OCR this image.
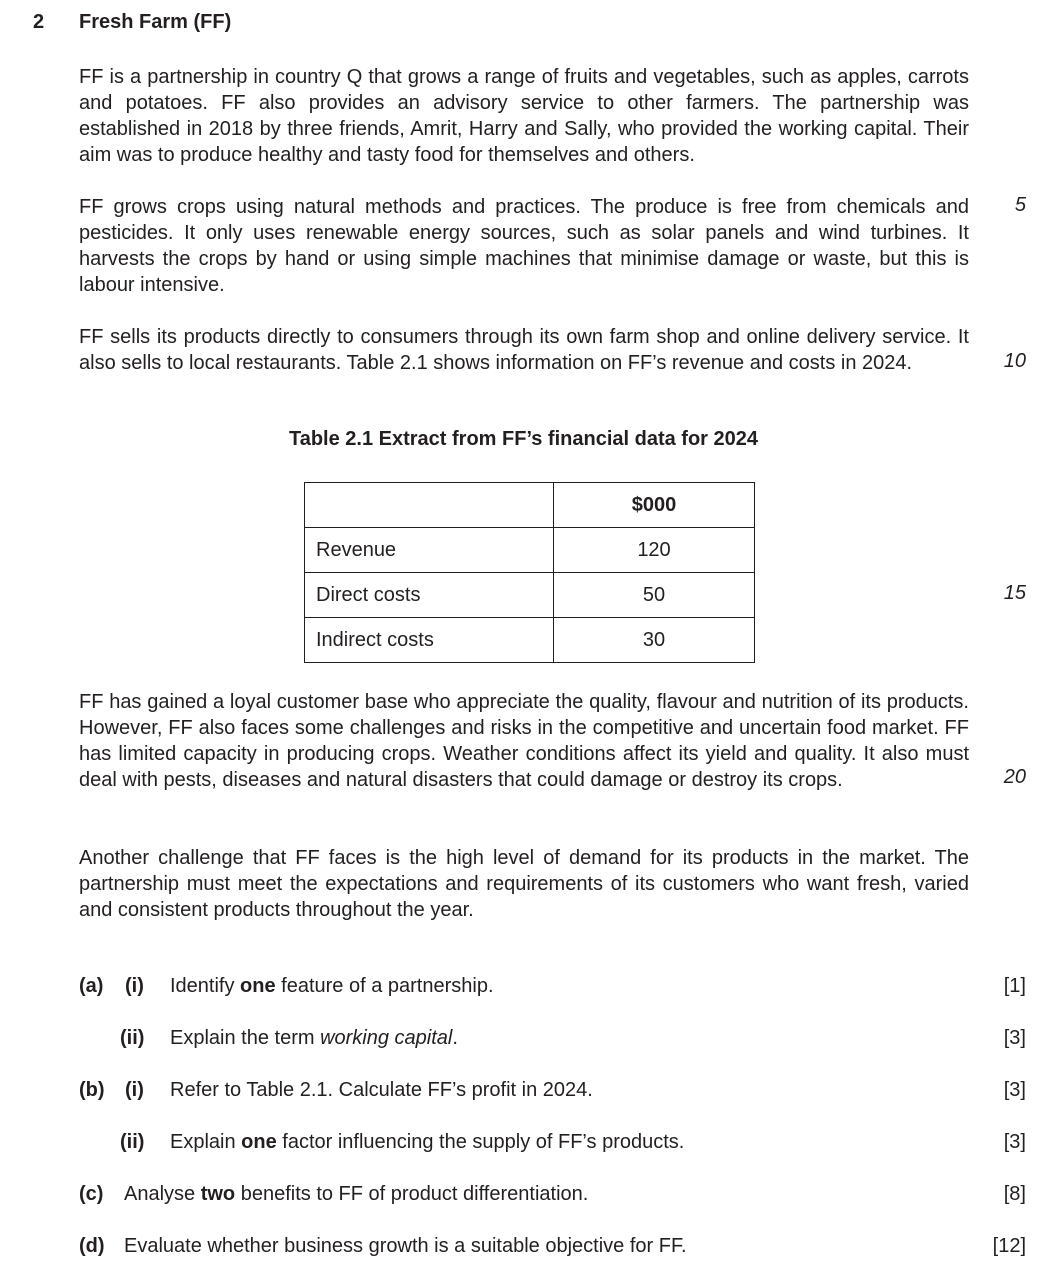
2 Fresh Farm (FF)

FF is a partnership in country Q that grows a range of fruits and vegetables, such as apples, carrots and potatoes. FF also provides an advisory service to other farmers. The partnership was established in 2018 by three friends, Amrit, Harry and Sally, who provided the working capital. Their aim was to produce healthy and tasty food for themselves and others.

FF grows crops using natural methods and practices. The produce is free from chemicals and pesticides. It only uses renewable energy sources, such as solar panels and wind turbines. It harvests the crops by hand or using simple machines that minimise damage or waste, but this is labour intensive.

FF sells its products directly to consumers through its own farm shop and online delivery service. It also sells to local restaurants. Table 2.1 shows information on FF’s revenue and costs in 2024.

5
10
15
20
Table 2.1 Extract from FF’s financial data for 2024
	$000
Revenue	120
Direct costs	50
Indirect costs	30

FF has gained a loyal customer base who appreciate the quality, flavour and nutrition of its products. However, FF also faces some challenges and risks in the competitive and uncertain food market. FF has limited capacity in producing crops. Weather conditions affect its yield and quality. It also must deal with pests, diseases and natural disasters that could damage or destroy its crops.

Another challenge that FF faces is the high level of demand for its products in the market. The partnership must meet the expectations and requirements of its customers who want fresh, varied and consistent products throughout the year.

(a) (i) Identify one feature of a partnership.	[1]
(ii) Explain the term working capital.	[3]
(b) (i) Refer to Table 2.1. Calculate FF’s profit in 2024.	[3]
(ii) Explain one factor influencing the supply of FF’s products.	[3]
(c) Analyse two benefits to FF of product differentiation.	[8]
(d) Evaluate whether business growth is a suitable objective for FF.	[12]
